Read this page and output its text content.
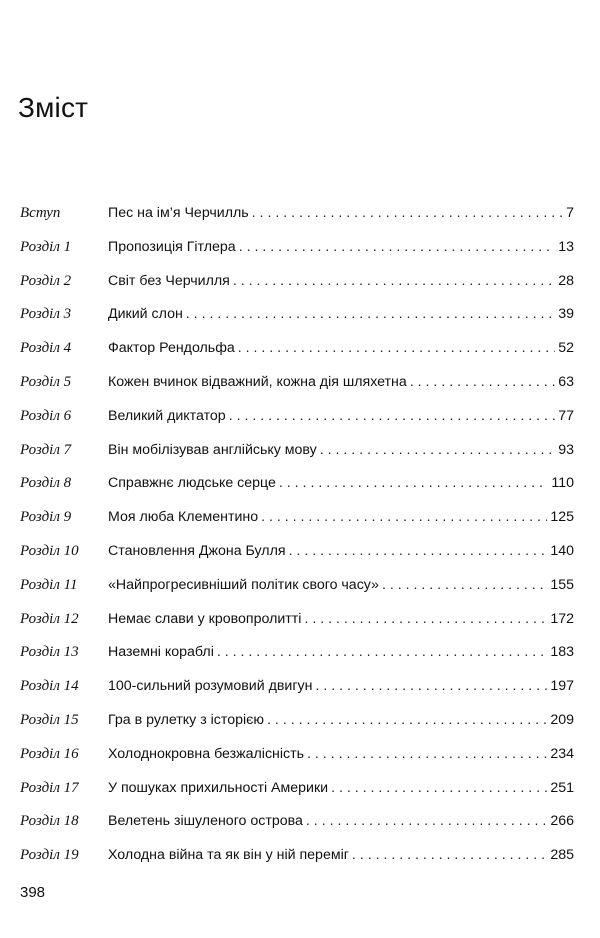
Зміст
Вступ	Пес на ім’я Черчилль . . .	7
Розділ 1	Пропозиція Гітлера . . .	13
Розділ 2	Світ без Черчилля . . .	28
Розділ 3	Дикий слон . . .	39
Розділ 4	Фактор Рендольфа . . .	52
Розділ 5	Кожен вчинок відважний, кожна дія шляхетна . . .	63
Розділ 6	Великий диктатор . . .	77
Розділ 7	Він мобілізував англійську мову . . .	93
Розділ 8	Справжнє людське серце . . .	110
Розділ 9	Моя люба Клементино . . .	125
Розділ 10	Становлення Джона Булля . . .	140
Розділ 11	«Найпрогресивніший політик свого часу» . . .	155
Розділ 12	Немає слави у кровопролитті . . .	172
Розділ 13	Наземні кораблі . . .	183
Розділ 14	100-сильний розумовий двигун . . .	197
Розділ 15	Гра в рулетку з історією . . .	209
Розділ 16	Холоднокровна безжалісність . . .	234
Розділ 17	У пошуках прихильності Америки . . .	251
Розділ 18	Велетень зішуленого острова . . .	266
Розділ 19	Холодна війна та як він у ній переміг . . .	285
398
